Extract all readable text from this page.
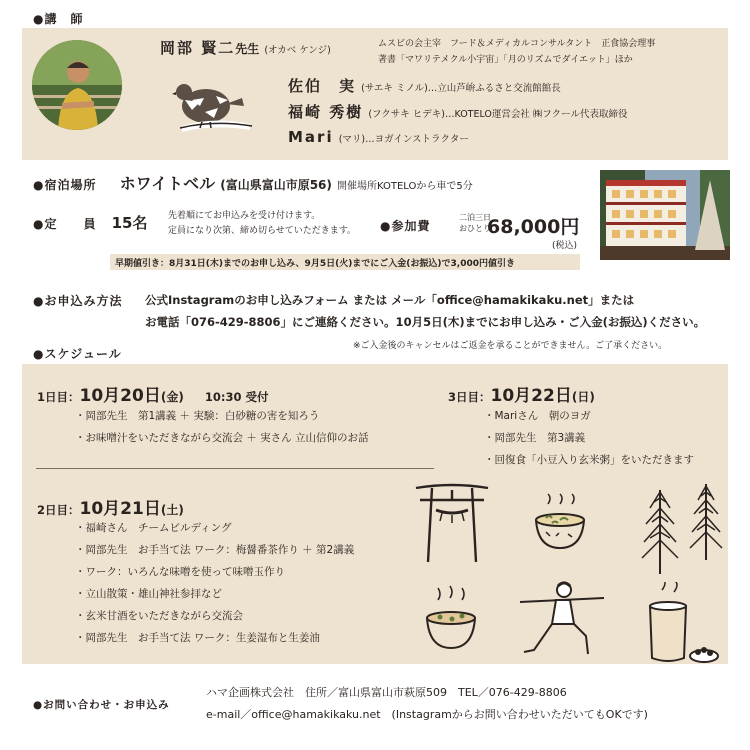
●講　師
岡部 賢二先生 (オカベ ケンジ)
ムスビの会主宰　フード＆メディカルコンサルタント　正食協会理事
著書「マワリテメクル小宇宙」「月のリズムでダイエット」ほか
佐伯　実 (サエキ ミノル)…立山芦峅ふるさと交流館館長
福崎 秀樹 (フクサキ ヒデキ)…KOTELO運営会社 ㈱フクール代表取締役
Mari (マリ)…ヨガインストラクター
●宿泊場所 ホワイトベル (富山県富山市原56) 開催場所KOTELOから車で5分
●定　　員 15名 先着順にてお申込みを受け付けます。
定員になり次第、締め切らせていただきます。 ●参加費
二泊三日
おひとり
68,000円
(税込)
早期値引き：8月31日(木)までのお申し込み、9月5日(火)までにご入金(お振込)で3,000円値引き
●お申込み方法 公式Instagramのお申し込みフォーム または メール「office@hamakikaku.net」または
お電話「076-429-8806」にご連絡ください。10月5日(木)までにお申し込み・ご入金(お振込)ください。
※ご入金後のキャンセルはご返金を承ることができません。ご了承ください。
●スケジュール
1日目：10月20日(金) 10:30 受付
・岡部先生　第1講義 ＋ 実験：白砂糖の害を知ろう
・お味噌汁をいただきながら交流会 ＋ 実さん 立山信仰のお話
3日目：10月22日(日)
・Mariさん　朝のヨガ
・岡部先生　第3講義
・回復食「小豆入り玄米粥」をいただきます
2日目：10月21日(土)
・福崎さん　チームビルディング
・岡部先生　お手当て法 ワーク：梅醤番茶作り ＋ 第2講義
・ワーク：いろんな味噌を使って味噌玉作り
・立山散策・雄山神社参拝など
・玄米甘酒をいただきながら交流会
・岡部先生　お手当て法 ワーク：生姜湿布と生姜油
●お問い合わせ・お申込み
ハマ企画株式会社　住所／富山県富山市萩原509　TEL／076-429-8806
e-mail／office@hamakikaku.net　(Instagramからお問い合わせいただいてもOKです)
